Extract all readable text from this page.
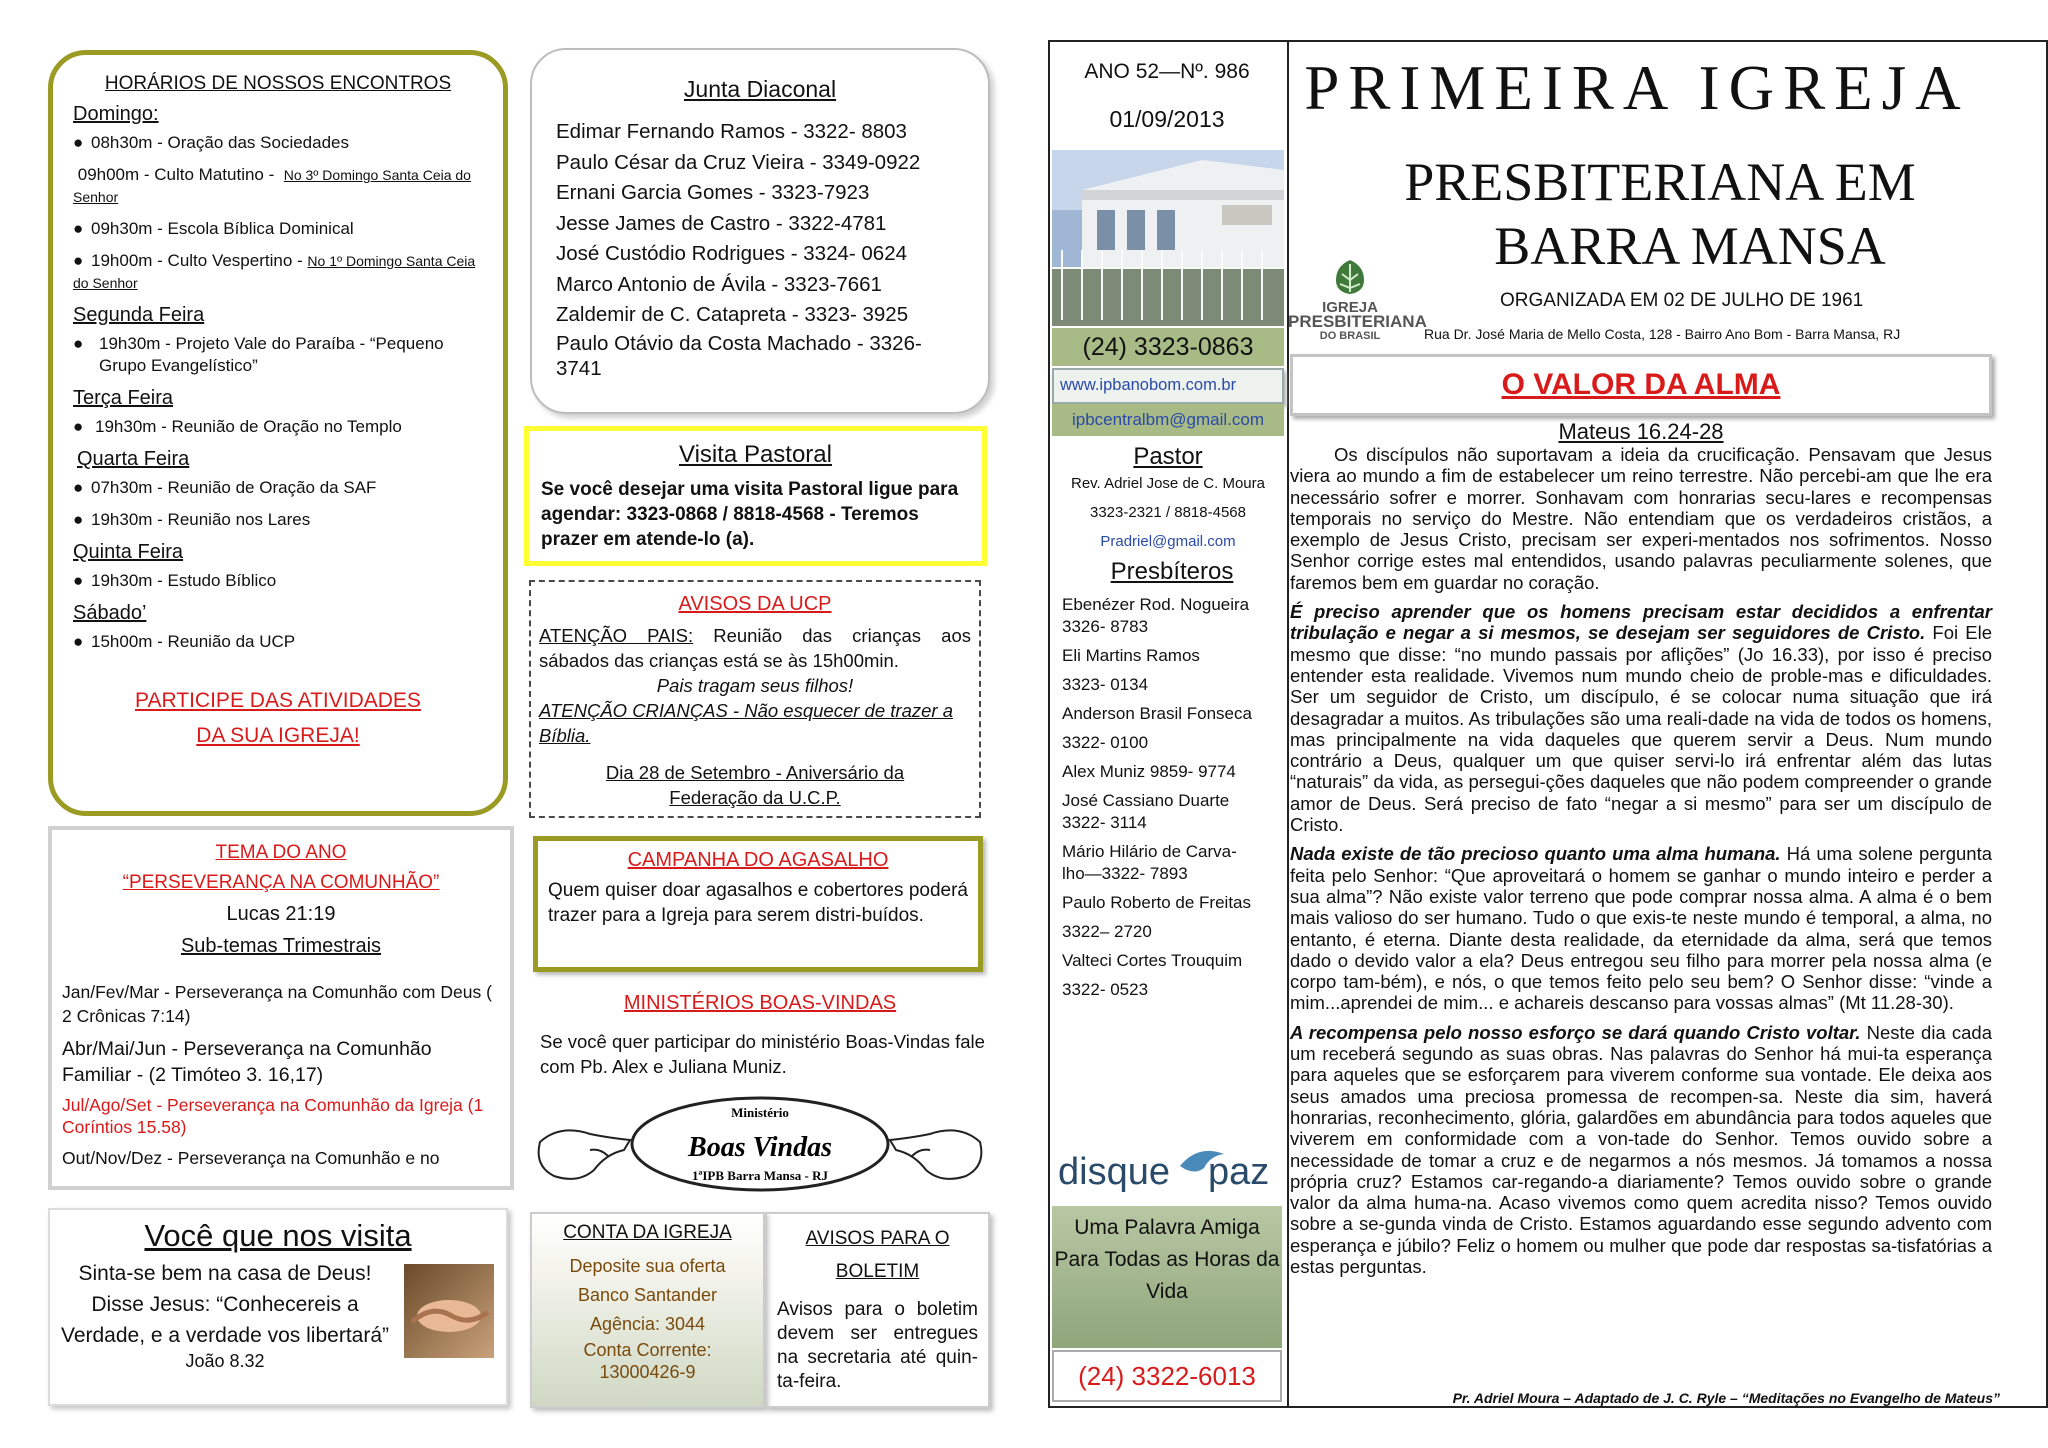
HORÁRIOS DE NOSSOS ENCONTROS
Domingo:
● 08h30m - Oração das Sociedades
09h00m - Culto Matutino -  No 3º Domingo Santa Ceia do Senhor
● 09h30m - Escola Bíblica Dominical
● 19h00m - Culto Vespertino - No 1º Domingo Santa Ceia do Senhor
Segunda Feira
● 19h30m - Projeto Vale do Paraíba - “Pequeno Grupo Evangelístico”
Terça Feira
● 19h30m - Reunião de Oração no Templo
Quarta Feira
● 07h30m - Reunião de Oração da SAF
● 19h30m - Reunião nos Lares
Quinta Feira
● 19h30m - Estudo Bíblico
Sábado’
● 15h00m - Reunião da UCP
PARTICIPE DAS ATIVIDADES
DA SUA IGREJA!
Junta Diaconal
Edimar Fernando Ramos - 3322- 8803
Paulo César da Cruz Vieira - 3349-0922
Ernani Garcia Gomes - 3323-7923
Jesse James de Castro - 3322-4781
José Custódio Rodrigues - 3324- 0624
Marco Antonio de Ávila - 3323-7661
Zaldemir de C. Catapreta - 3323- 3925
Paulo Otávio da Costa Machado - 3326-3741
Visita Pastoral
Se você desejar uma visita Pastoral ligue para agendar: 3323-0868 / 8818-4568 - Teremos prazer em atende-lo (a).
AVISOS DA UCP
ATENÇÃO PAIS: Reunião das crianças aos sábados das crianças está se às 15h00min.
Pais tragam seus filhos!
ATENÇÃO CRIANÇAS - Não esquecer de trazer a Bíblia.
Dia 28 de Setembro - Aniversário da Federação da U.C.P.
CAMPANHA DO AGASALHO
Quem quiser doar agasalhos e cobertores poderá trazer para a Igreja para serem distri-buídos.
MINISTÉRIOS BOAS-VINDAS
Se você quer participar do ministério Boas-Vindas fale com Pb. Alex e Juliana Muniz.
Ministério
Boas Vindas
1ªIPB Barra Mansa - RJ

TEMA DO ANO

“PERSEVERANÇA NA COMUNHÃO”

Lucas 21:19

Sub-temas Trimestrais

Jan/Fev/Mar - Perseverança na Comunhão com Deus ( 2 Crônicas 7:14)

Abr/Mai/Jun - Perseverança na Comunhão Familiar - (2 Timóteo 3. 16,17)

Jul/Ago/Set - Perseverança na Comunhão da Igreja (1 Coríntios 15.58)

Out/Nov/Dez - Perseverança na Comunhão e no

Você que nos visita
Sinta-se bem na casa de Deus! Disse Jesus: “Conhecereis a Verdade, e a verdade vos libertará”
João 8.32
CONTA DA IGREJA
Deposite sua oferta
Banco Santander
Agência: 3044
Conta Corrente:
13000426-9
AVISOS PARA O BOLETIM
Avisos para o boletim devem ser entregues na secretaria até quin-ta-feira.
ANO 52—Nº. 986
01/09/2013
(24) 3323-0863
www.ipbanobom.com.br
ipbcentralbm@gmail.com
Pastor
Rev. Adriel Jose de C. Moura
3323-2321 / 8818-4568
Pradriel@gmail.com
Presbíteros
Ebenézer Rod. Nogueira
3326- 8783
Eli Martins Ramos
3323- 0134
Anderson Brasil Fonseca
3322- 0100
Alex Muniz 9859- 9774
José Cassiano Duarte
3322- 3114
Mário Hilário de Carva-
lho—3322- 7893
Paulo Roberto de Freitas
3322– 2720
Valteci Cortes Trouquim
3322- 0523
disque paz
Uma Palavra Amiga Para Todas as Horas da Vida
(24) 3322-6013
PRIMEIRA IGREJA
PRESBITERIANA EM
BARRA MANSA
IGREJA
PRESBITERIANA
DO BRASIL
ORGANIZADA EM 02 DE JULHO DE 1961
Rua Dr. José Maria de Mello Costa, 128 - Bairro Ano Bom - Barra Mansa, RJ
O VALOR DA ALMA
Mateus 16.24-28

Os discípulos não suportavam a ideia da crucificação. Pensavam que Jesus viera ao mundo a fim de estabelecer um reino terrestre. Não percebi-am que lhe era necessário sofrer e morrer. Sonhavam com honrarias secu-lares e recompensas temporais no serviço do Mestre. Não entendiam que os verdadeiros cristãos, a exemplo de Jesus Cristo, precisam ser experi-mentados nos sofrimentos. Nosso Senhor corrige estes mal entendidos, usando palavras peculiarmente solenes, que faremos bem em guardar no coração.

É preciso aprender que os homens precisam estar decididos a enfrentar tribulação e negar a si mesmos, se desejam ser seguidores de Cristo. Foi Ele mesmo que disse: “no mundo passais por aflições” (Jo 16.33), por isso é preciso entender esta realidade. Vivemos num mundo cheio de proble-mas e dificuldades. Ser um seguidor de Cristo, um discípulo, é se colocar numa situação que irá desagradar a muitos. As tribulações são uma reali-dade na vida de todos os homens, mas principalmente na vida daqueles que querem servir a Deus. Num mundo contrário a Deus, qualquer um que quiser servi-lo irá enfrentar além das lutas “naturais” da vida, as persegui-ções daqueles que não podem compreender o grande amor de Deus. Será preciso de fato “negar a si mesmo” para ser um discípulo de Cristo.

Nada existe de tão precioso quanto uma alma humana. Há uma solene pergunta feita pelo Senhor: “Que aproveitará o homem se ganhar o mundo inteiro e perder a sua alma”? Não existe valor terreno que pode comprar nossa alma. A alma é o bem mais valioso do ser humano. Tudo o que exis-te neste mundo é temporal, a alma, no entanto, é eterna. Diante desta realidade, da eternidade da alma, será que temos dado o devido valor a ela? Deus entregou seu filho para morrer pela nossa alma (e corpo tam-bém), e nós, o que temos feito pelo seu bem? O Senhor disse: “vinde a mim...aprendei de mim... e achareis descanso para vossas almas” (Mt 11.28-30).

A recompensa pelo nosso esforço se dará quando Cristo voltar. Neste dia cada um receberá segundo as suas obras. Nas palavras do Senhor há mui-ta esperança para aqueles que se esforçarem para viverem conforme sua vontade. Ele deixa aos seus amados uma preciosa promessa de recompen-sa. Neste dia sim, haverá honrarias, reconhecimento, glória, galardões em abundância para todos aqueles que viverem em conformidade com a von-tade do Senhor. Temos ouvido sobre a necessidade de tomar a cruz e de negarmos a nós mesmos. Já tomamos a nossa própria cruz? Estamos car-regando-a diariamente? Temos ouvido sobre o grande valor da alma huma-na. Acaso vivemos como quem acredita nisso? Temos ouvido sobre a se-gunda vinda de Cristo. Estamos aguardando esse segundo advento com esperança e júbilo? Feliz o homem ou mulher que pode dar respostas sa-tisfatórias a estas perguntas.

Pr. Adriel Moura – Adaptado de J. C. Ryle – “Meditações no Evangelho de Mateus”
